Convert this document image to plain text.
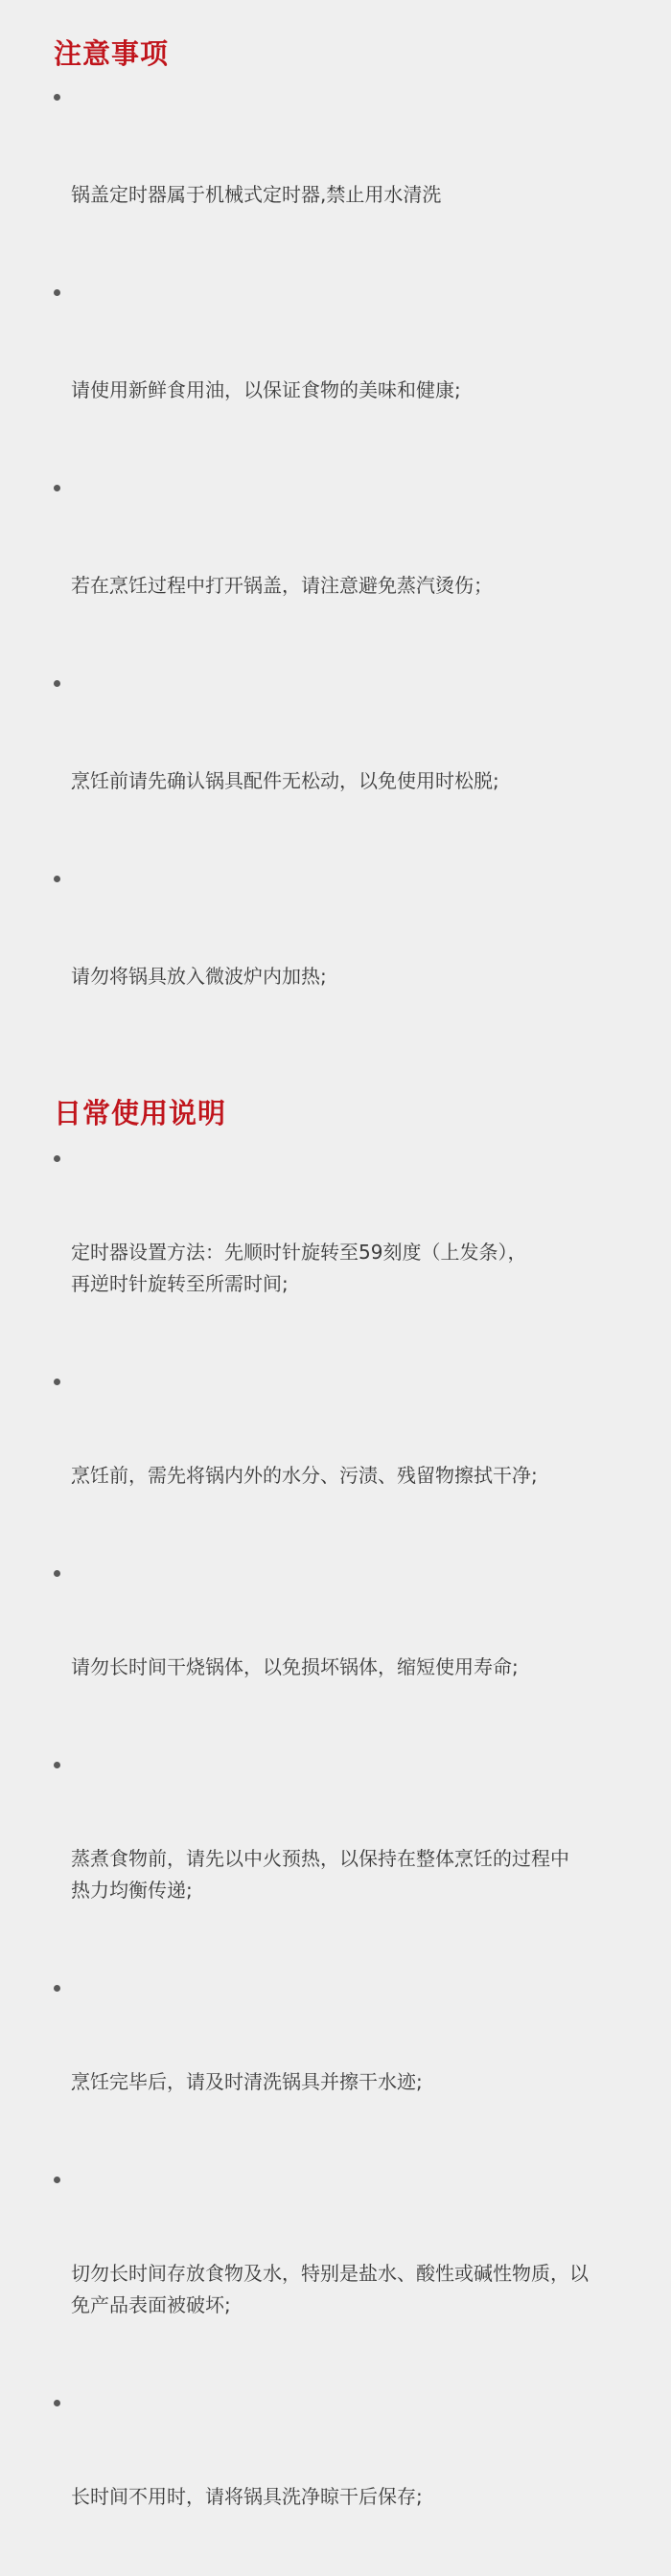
注意事项

锅盖定时器属于机械式定时器,禁止用水清洗

请使用新鲜食用油，以保证食物的美味和健康;

若在烹饪过程中打开锅盖，请注意避免蒸汽烫伤；

烹饪前请先确认锅具配件无松动，以免使用时松脱;

请勿将锅具放入微波炉内加热;

日常使用说明

定时器设置方法：先顺时针旋转至59刻度（上发条），
再逆时针旋转至所需时间;

烹饪前，需先将锅内外的水分、污渍、残留物擦拭干净;

请勿长时间干烧锅体，以免损坏锅体，缩短使用寿命;

蒸煮食物前，请先以中火预热，以保持在整体烹饪的过程中
热力均衡传递;

烹饪完毕后，请及时清洗锅具并擦干水迹;

切勿长时间存放食物及水，特别是盐水、酸性或碱性物质，以
免产品表面被破坏;

长时间不用时，请将锅具洗净晾干后保存;
